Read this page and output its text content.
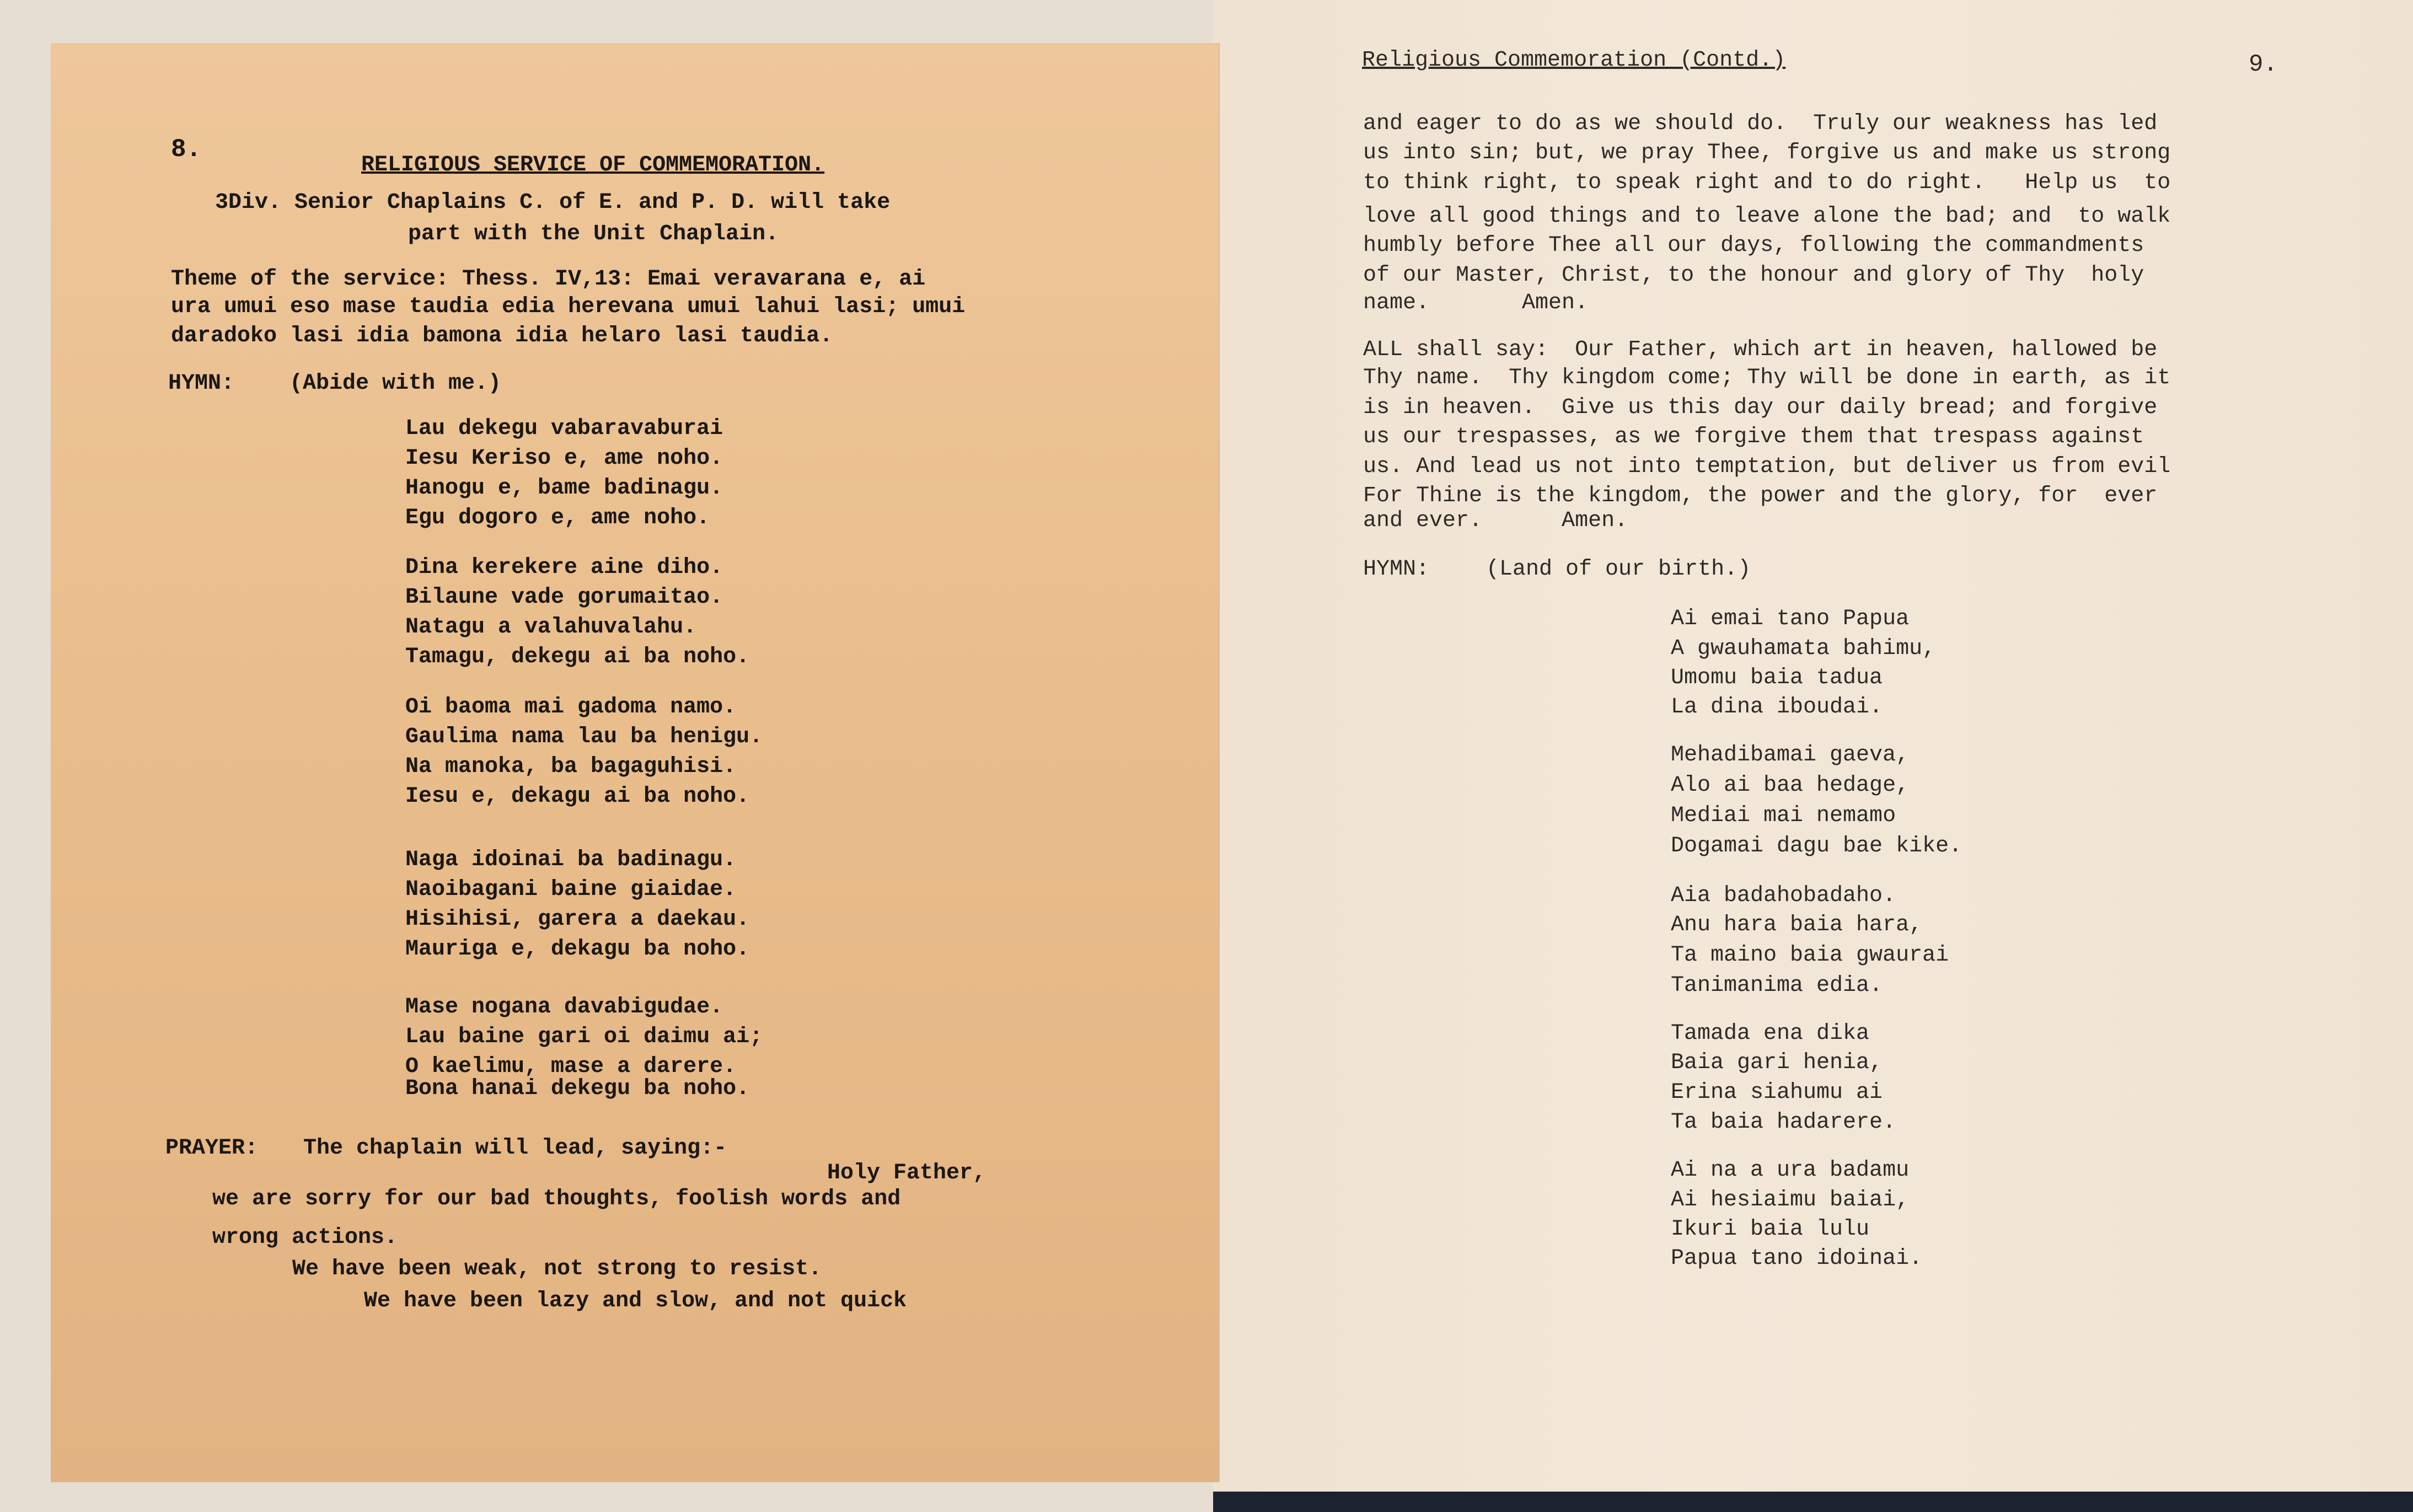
8.
RELIGIOUS SERVICE OF COMMEMORATION.
3Div. Senior Chaplains C. of E. and P. D. will take
part with the Unit Chaplain.
Theme of the service: Thess. IV,13: Emai veravarana e, ai
ura umui eso mase taudia edia herevana umui lahui lasi; umui
daradoko lasi idia bamona idia helaro lasi taudia.
HYMN: (Abide with me.)
Lau dekegu vabaravaburai
Iesu Keriso e, ame noho.
Hanogu e, bame badinagu.
Egu dogoro e, ame noho.
Dina kerekere aine diho.
Bilaune vade gorumaitao.
Natagu a valahuvalahu.
Tamagu, dekegu ai ba noho.
Oi baoma mai gadoma namo.
Gaulima nama lau ba henigu.
Na manoka, ba bagaguhisi.
Iesu e, dekagu ai ba noho.
Naga idoinai ba badinagu.
Naoibagani baine giaidae.
Hisihisi, garera a daekau.
Mauriga e, dekagu ba noho.
Mase nogana davabigudae.
Lau baine gari oi daimu ai;
O kaelimu, mase a darere.
Bona hanai dekegu ba noho.
PRAYER: The chaplain will lead, saying:-
Holy Father,
we are sorry for our bad thoughts, foolish words and
wrong actions.
We have been weak, not strong to resist.
We have been lazy and slow, and not quick
Religious Commemoration (Contd.)	9.
and eager to do as we should do.  Truly our weakness has led
us into sin; but, we pray Thee, forgive us and make us strong
to think right, to speak right and to do right.   Help us  to
love all good things and to leave alone the bad; and  to walk
humbly before Thee all our days, following the commandments
of our Master, Christ, to the honour and glory of Thy  holy
name.       Amen.
ALL shall say:  Our Father, which art in heaven, hallowed be
Thy name.  Thy kingdom come; Thy will be done in earth, as it
is in heaven.  Give us this day our daily bread; and forgive
us our trespasses, as we forgive them that trespass against
us. And lead us not into temptation, but deliver us from evil
For Thine is the kingdom, the power and the glory, for  ever
and ever.      Amen.
HYMN:	(Land of our birth.)
Ai emai tano Papua
A gwauhamata bahimu,
Umomu baia tadua
La dina iboudai.
Mehadibamai gaeva,
Alo ai baa hedage,
Mediai mai nemamo
Dogamai dagu bae kike.
Aia badahobadaho.
Anu hara baia hara,
Ta maino baia gwaurai
Tanimanima edia.
Tamada ena dika
Baia gari henia,
Erina siahumu ai
Ta baia hadarere.
Ai na a ura badamu
Ai hesiaimu baiai,
Ikuri baia lulu
Papua tano idoinai.
